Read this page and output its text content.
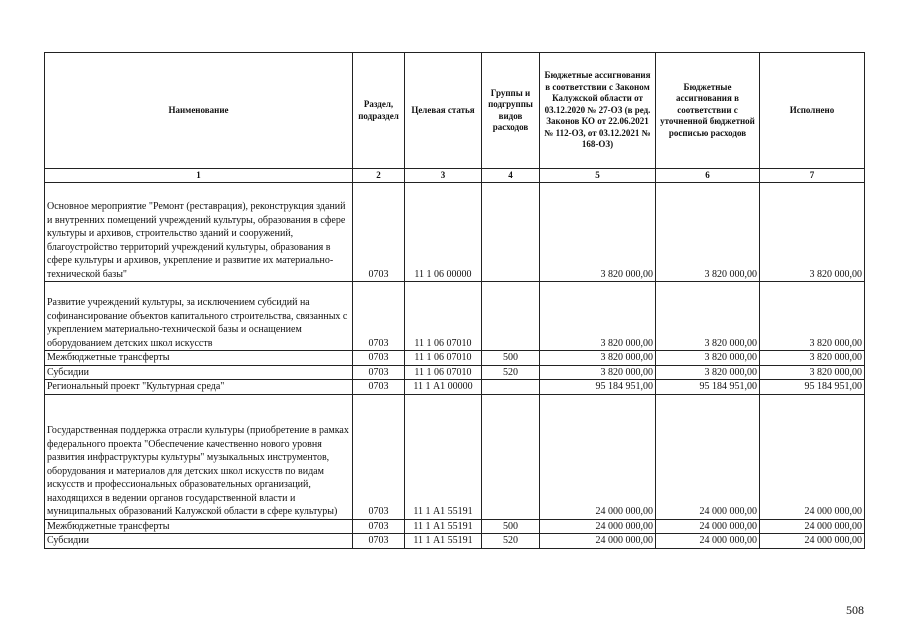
Наименование	Раздел, подраздел	Целевая статья	Группы и подгруппы видов расходов	Бюджетные ассигнования в соответствии с Законом Калужской области от 03.12.2020 № 27-ОЗ (в ред. Законов КО от 22.06.2021 № 112-ОЗ, от 03.12.2021 № 168-ОЗ)	Бюджетные ассигнования в соответствии с уточненной бюджетной росписью расходов	Исполнено
1	2	3	4	5	6	7
Основное мероприятие "Ремонт (реставрация), реконструкция зданий и внутренних помещений учреждений культуры, образования в сфере культуры и архивов, строительство зданий и сооружений, благоустройство территорий учреждений культуры, образования в сфере культуры и архивов, укрепление и развитие их материально-технической базы"	0703	11 1 06 00000		3 820 000,00	3 820 000,00	3 820 000,00
Развитие учреждений культуры, за исключением субсидий на софинансирование объектов капитального строительства, связанных с укреплением материально-технической базы и оснащением оборудованием детских школ искусств	0703	11 1 06 07010		3 820 000,00	3 820 000,00	3 820 000,00
Межбюджетные трансферты	0703	11 1 06 07010	500	3 820 000,00	3 820 000,00	3 820 000,00
Субсидии	0703	11 1 06 07010	520	3 820 000,00	3 820 000,00	3 820 000,00
Региональный проект "Культурная среда"	0703	11 1 А1 00000		95 184 951,00	95 184 951,00	95 184 951,00
Государственная поддержка отрасли культуры (приобретение в рамках федерального проекта "Обеспечение качественно нового уровня развития инфраструктуры культуры" музыкальных инструментов, оборудования и материалов для детских школ искусств по видам искусств и профессиональных образовательных организаций, находящихся в ведении органов государственной власти и муниципальных образований Калужской области в сфере культуры)	0703	11 1 А1 55191		24 000 000,00	24 000 000,00	24 000 000,00
Межбюджетные трансферты	0703	11 1 А1 55191	500	24 000 000,00	24 000 000,00	24 000 000,00
Субсидии	0703	11 1 А1 55191	520	24 000 000,00	24 000 000,00	24 000 000,00
508
